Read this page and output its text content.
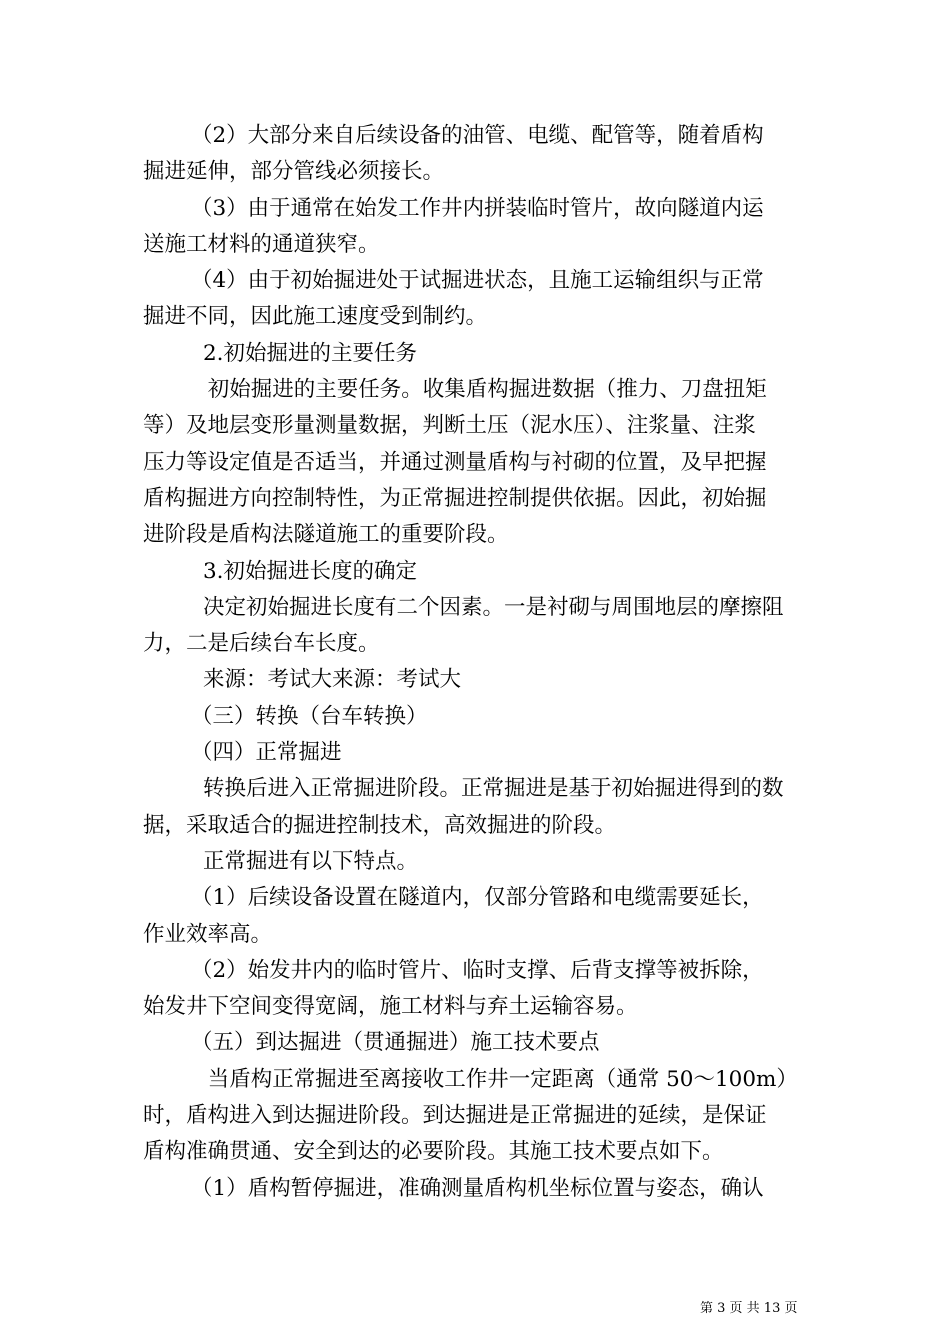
（2）大部分来自后续设备的油管、电缆、配管等，随着盾构
掘进延伸，部分管线必须接长。
（3）由于通常在始发工作井内拼装临时管片，故向隧道内运
送施工材料的通道狭窄。
（4）由于初始掘进处于试掘进状态，且施工运输组织与正常
掘进不同，因此施工速度受到制约。
2.初始掘进的主要任务
初始掘进的主要任务。收集盾构掘进数据（推力、刀盘扭矩
等）及地层变形量测量数据，判断土压（泥水压）、注浆量、注浆
压力等设定值是否适当，并通过测量盾构与衬砌的位置，及早把握
盾构掘进方向控制特性，为正常掘进控制提供依据。因此，初始掘
进阶段是盾构法隧道施工的重要阶段。
3.初始掘进长度的确定
决定初始掘进长度有二个因素。一是衬砌与周围地层的摩擦阻
力，二是后续台车长度。
来源：考试大来源：考试大
（三）转换（台车转换）
（四）正常掘进
转换后进入正常掘进阶段。正常掘进是基于初始掘进得到的数
据，采取适合的掘进控制技术，高效掘进的阶段。
正常掘进有以下特点。
（1）后续设备设置在隧道内，仅部分管路和电缆需要延长，
作业效率高。
（2）始发井内的临时管片、临时支撑、后背支撑等被拆除，
始发井下空间变得宽阔，施工材料与弃土运输容易。
（五）到达掘进（贯通掘进）施工技术要点
当盾构正常掘进至离接收工作井一定距离（通常 50～100m）
时，盾构进入到达掘进阶段。到达掘进是正常掘进的延续，是保证
盾构准确贯通、安全到达的必要阶段。其施工技术要点如下。
（1）盾构暂停掘进，准确测量盾构机坐标位置与姿态，确认
第 3 页 共 13 页
